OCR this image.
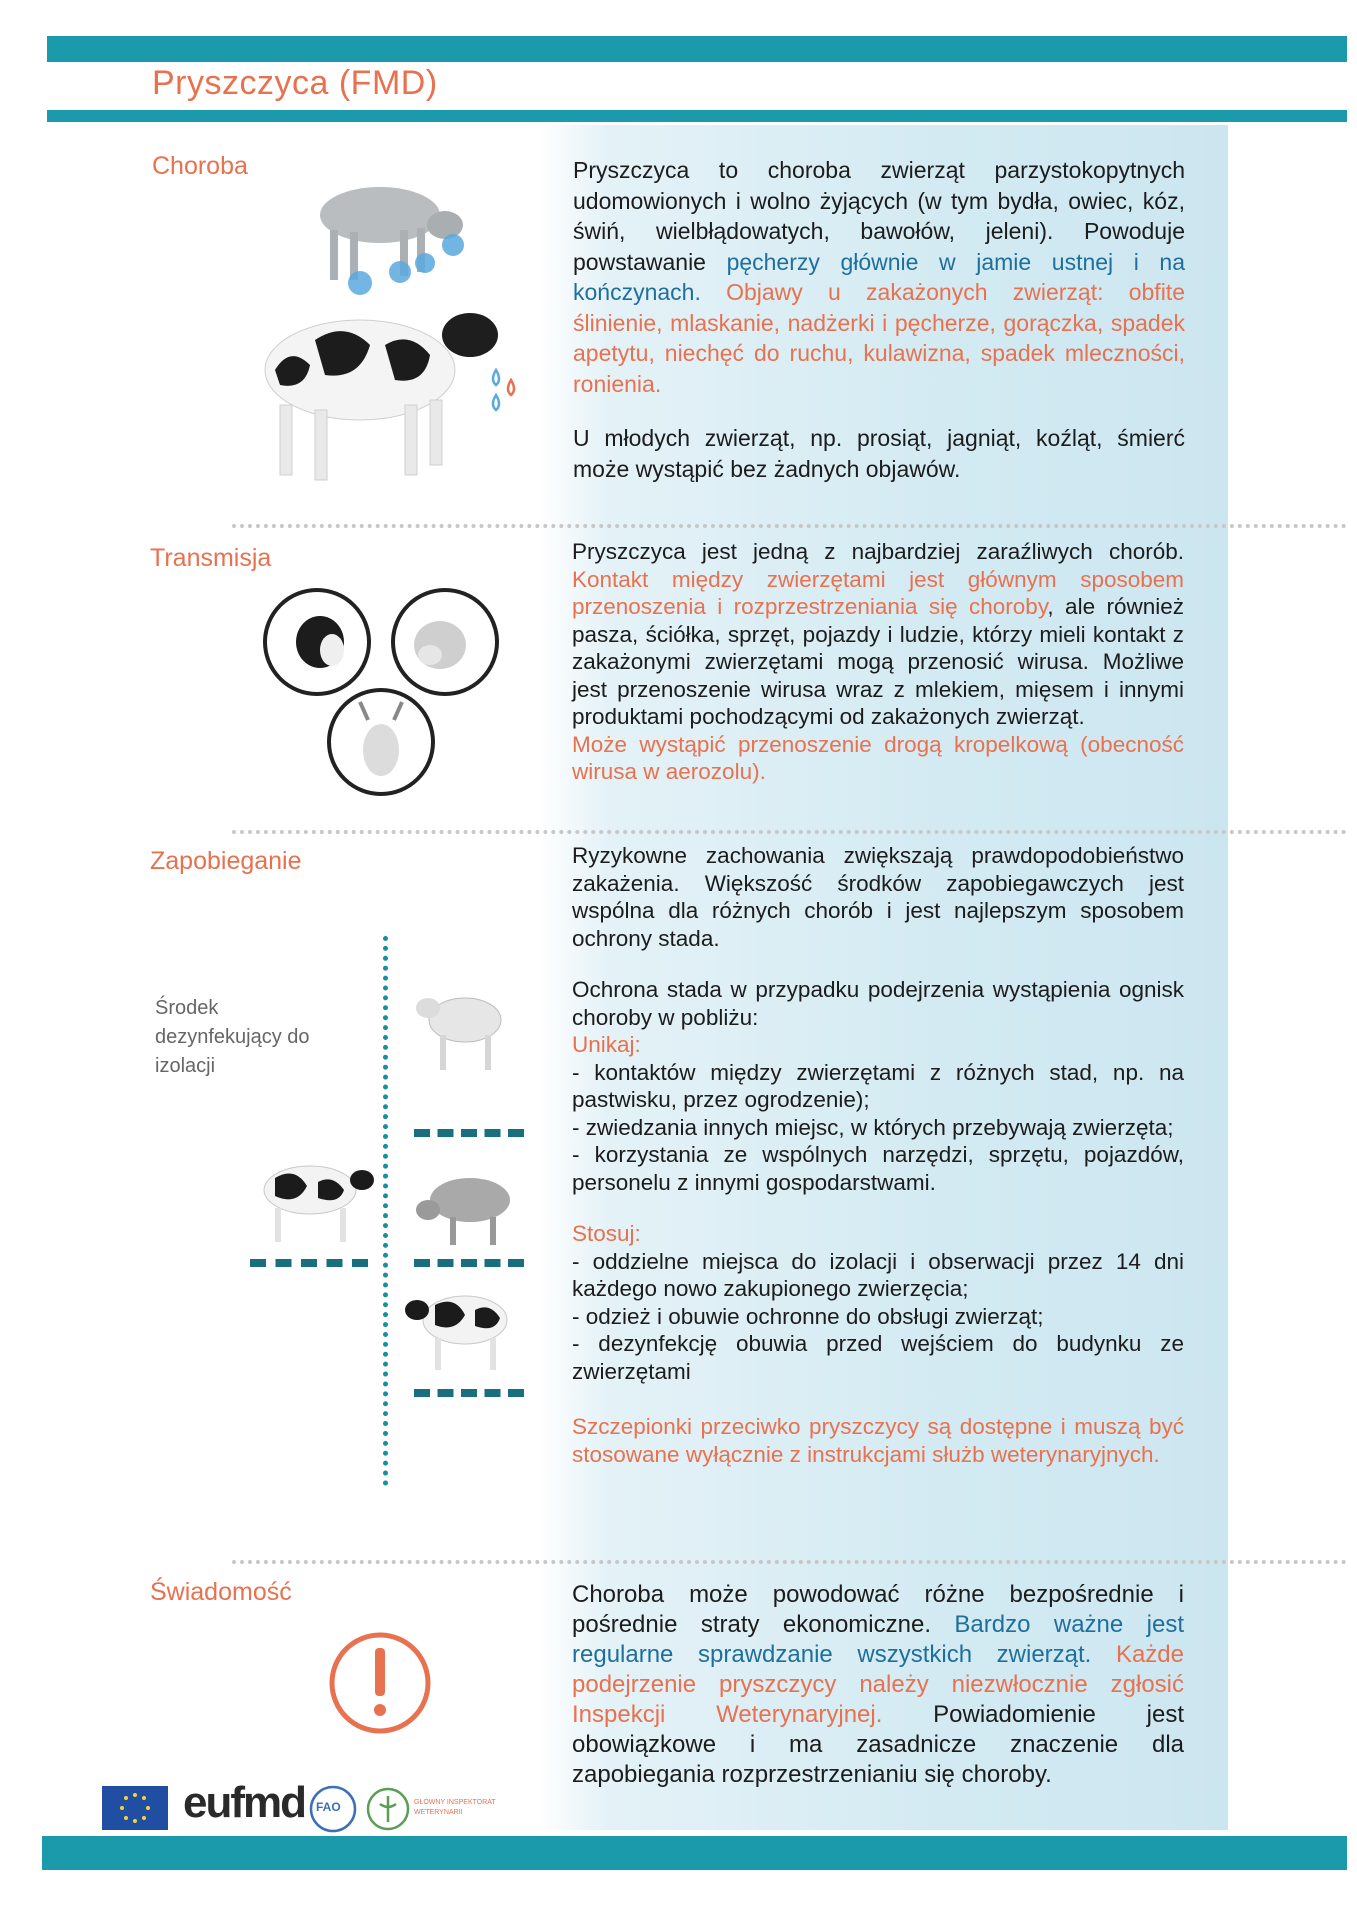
Pryszczyca (FMD)
Choroba	Pryszczyca to choroba zwierząt parzystokopytnych udomowionych i wolno żyjących (w tym bydła, owiec, kóz, świń, wielbłądowatych, bawołów, jeleni). Powoduje powstawanie pęcherzy głównie w jamie ustnej i na kończynach. Objawy u zakażonych zwierząt: obfite ślinienie, mlaskanie, nadżerki i pęcherze, gorączka, spadek apetytu, niechęć do ruchu, kulawizna, spadek mleczności, ronienia.

U młodych zwierząt, np. prosiąt, jagniąt, koźląt, śmierć może wystąpić bez żadnych objawów.

Transmisja	Pryszczyca jest jedną z najbardziej zaraźliwych chorób. Kontakt między zwierzętami jest głównym sposobem przenoszenia i rozprzestrzeniania się choroby, ale również pasza, ściółka, sprzęt, pojazdy i ludzie, którzy mieli kontakt z zakażonymi zwierzętami mogą przenosić wirusa. Możliwe jest przenoszenie wirusa wraz z mlekiem, mięsem i innymi produktami pochodzącymi od zakażonych zwierząt.

Może wystąpić przenoszenie drogą kropelkową (obecność wirusa w aerozolu).

Zapobieganie
Środek dezynfekujący do izolacji

Ryzykowne zachowania zwiększają prawdopodobieństwo zakażenia. Większość środków zapobiegawczych jest wspólna dla różnych chorób i jest najlepszym sposobem ochrony stada.

Ochrona stada w przypadku podejrzenia wystąpienia ognisk choroby w pobliżu:

Unikaj:

- kontaktów między zwierzętami z różnych stad, np. na pastwisku, przez ogrodzenie);

- zwiedzania innych miejsc, w których przebywają zwierzęta;

- korzystania ze wspólnych narzędzi, sprzętu, pojazdów, personelu z innymi gospodarstwami.

Stosuj:

- oddzielne miejsca do izolacji i obserwacji przez 14 dni każdego nowo zakupionego zwierzęcia;

- odzież i obuwie ochronne do obsługi zwierząt;

- dezynfekcję obuwia przed wejściem do budynku ze zwierzętami

Szczepionki przeciwko pryszczycy są dostępne i muszą być stosowane wyłącznie z instrukcjami służb weterynaryjnych.

Świadomość	Choroba może powodować różne bezpośrednie i pośrednie straty ekonomiczne. Bardzo ważne jest regularne sprawdzanie wszystkich zwierząt. Każde podejrzenie pryszczycy należy niezwłocznie zgłosić Inspekcji Weterynaryjnej. Powiadomienie jest obowiązkowe i ma zasadnicze znaczenie dla zapobiegania rozprzestrzenianiu się choroby.

eufmd FAO	GŁÓWNY INSPEKTORAT WETERYNARII
